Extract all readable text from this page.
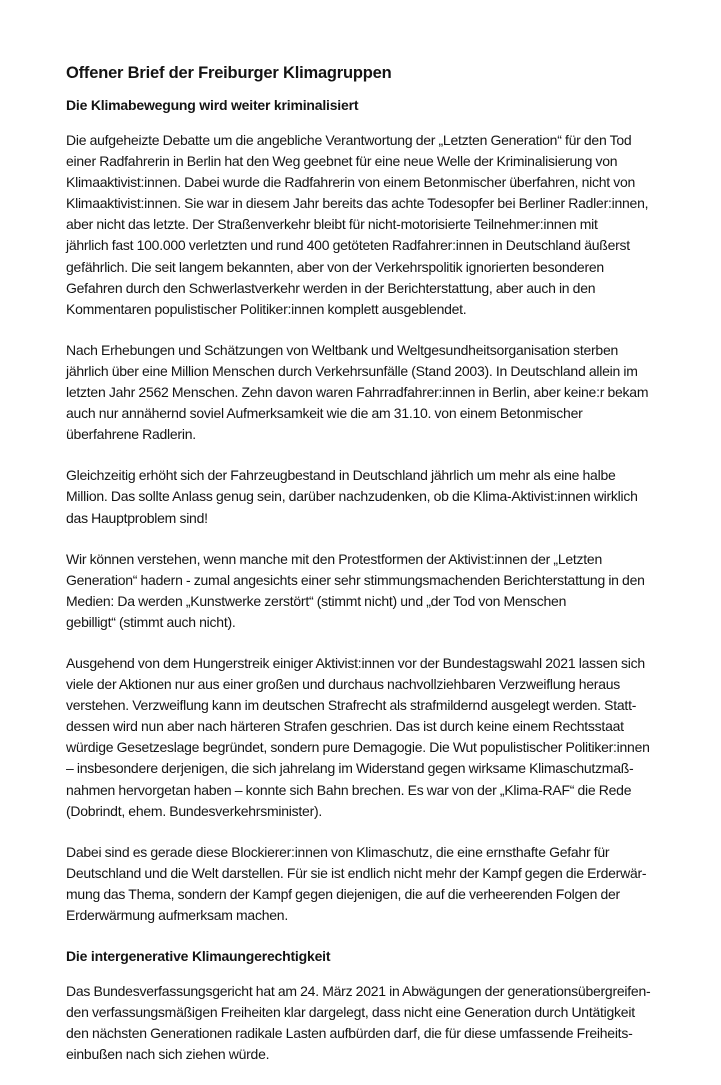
Offener Brief der Freiburger Klimagruppen
Die Klimabewegung wird weiter kriminalisiert

Die aufgeheizte Debatte um die angebliche Verantwortung der „Letzten Generation“ für den Tod
einer Radfahrerin in Berlin hat den Weg geebnet für eine neue Welle der Kriminalisierung von
Klimaaktivist:innen. Dabei wurde die Radfahrerin von einem Betonmischer überfahren, nicht von
Klimaaktivist:innen. Sie war in diesem Jahr bereits das achte Todesopfer bei Berliner Radler:innen,
aber nicht das letzte. Der Straßenverkehr bleibt für nicht-motorisierte Teilnehmer:innen mit
jährlich fast 100.000 verletzten und rund 400 getöteten Radfahrer:innen in Deutschland äußerst
gefährlich. Die seit langem bekannten, aber von der Verkehrspolitik ignorierten besonderen
Gefahren durch den Schwerlastverkehr werden in der Berichterstattung, aber auch in den
Kommentaren populistischer Politiker:innen komplett ausgeblendet.

Nach Erhebungen und Schätzungen von Weltbank und Weltgesundheitsorganisation sterben
jährlich über eine Million Menschen durch Verkehrsunfälle (Stand 2003). In Deutschland allein im
letzten Jahr 2562 Menschen. Zehn davon waren Fahrradfahrer:innen in Berlin, aber keine:r bekam
auch nur annähernd soviel Aufmerksamkeit wie die am 31.10. von einem Betonmischer
überfahrene Radlerin.

Gleichzeitig erhöht sich der Fahrzeugbestand in Deutschland jährlich um mehr als eine halbe
Million. Das sollte Anlass genug sein, darüber nachzudenken, ob die Klima-Aktivist:innen wirklich
das Hauptproblem sind!

Wir können verstehen, wenn manche mit den Protestformen der Aktivist:innen der „Letzten
Generation“ hadern - zumal angesichts einer sehr stimmungsmachenden Berichterstattung in den
Medien: Da werden „Kunstwerke zerstört“ (stimmt nicht) und „der Tod von Menschen
gebilligt“ (stimmt auch nicht).

Ausgehend von dem Hungerstreik einiger Aktivist:innen vor der Bundestagswahl 2021 lassen sich
viele der Aktionen nur aus einer großen und durchaus nachvollziehbaren Verzweiflung heraus
verstehen. Verzweiflung kann im deutschen Strafrecht als strafmildernd ausgelegt werden. Statt-
dessen wird nun aber nach härteren Strafen geschrien. Das ist durch keine einem Rechtsstaat
würdige Gesetzeslage begründet, sondern pure Demagogie. Die Wut populistischer Politiker:innen
– insbesondere derjenigen, die sich jahrelang im Widerstand gegen wirksame Klimaschutzmaß-
nahmen hervorgetan haben – konnte sich Bahn brechen. Es war von der „Klima-RAF“ die Rede
(Dobrindt, ehem. Bundesverkehrsminister).

Dabei sind es gerade diese Blockierer:innen von Klimaschutz, die eine ernsthafte Gefahr für
Deutschland und die Welt darstellen. Für sie ist endlich nicht mehr der Kampf gegen die Erderwär-
mung das Thema, sondern der Kampf gegen diejenigen, die auf die verheerenden Folgen der
Erderwärmung aufmerksam machen.

Die intergenerative Klimaungerechtigkeit

Das Bundesverfassungsgericht hat am 24. März 2021 in Abwägungen der generationsübergreifen-
den verfassungsmäßigen Freiheiten klar dargelegt, dass nicht eine Generation durch Untätigkeit
den nächsten Generationen radikale Lasten aufbürden darf, die für diese umfassende Freiheits-
einbußen nach sich ziehen würde.
